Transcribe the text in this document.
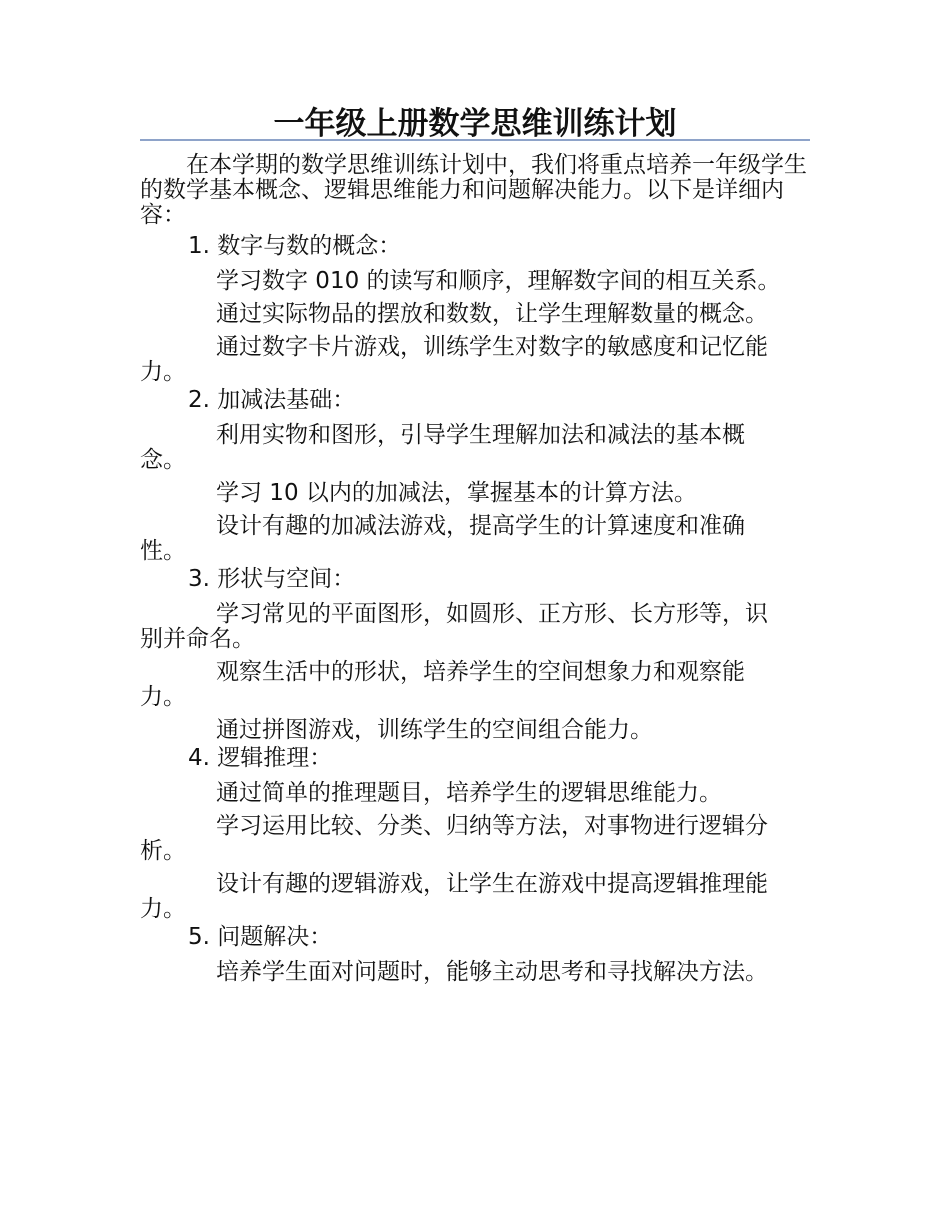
一年级上册数学思维训练计划

在本学期的数学思维训练计划中，我们将重点培养一年级学生的数学基本概念、逻辑思维能力和问题解决能力。以下是详细内容：

1. 数字与数的概念：

学习数字 010 的读写和顺序，理解数字间的相互关系。

通过实际物品的摆放和数数，让学生理解数量的概念。

通过数字卡片游戏，训练学生对数字的敏感度和记忆能力。

2. 加减法基础：

利用实物和图形，引导学生理解加法和减法的基本概念。

学习 10 以内的加减法，掌握基本的计算方法。

设计有趣的加减法游戏，提高学生的计算速度和准确性。

3. 形状与空间：

学习常见的平面图形，如圆形、正方形、长方形等，识别并命名。

观察生活中的形状，培养学生的空间想象力和观察能力。

通过拼图游戏，训练学生的空间组合能力。

4. 逻辑推理：

通过简单的推理题目，培养学生的逻辑思维能力。

学习运用比较、分类、归纳等方法，对事物进行逻辑分析。

设计有趣的逻辑游戏，让学生在游戏中提高逻辑推理能力。

5. 问题解决：

培养学生面对问题时，能够主动思考和寻找解决方法。
